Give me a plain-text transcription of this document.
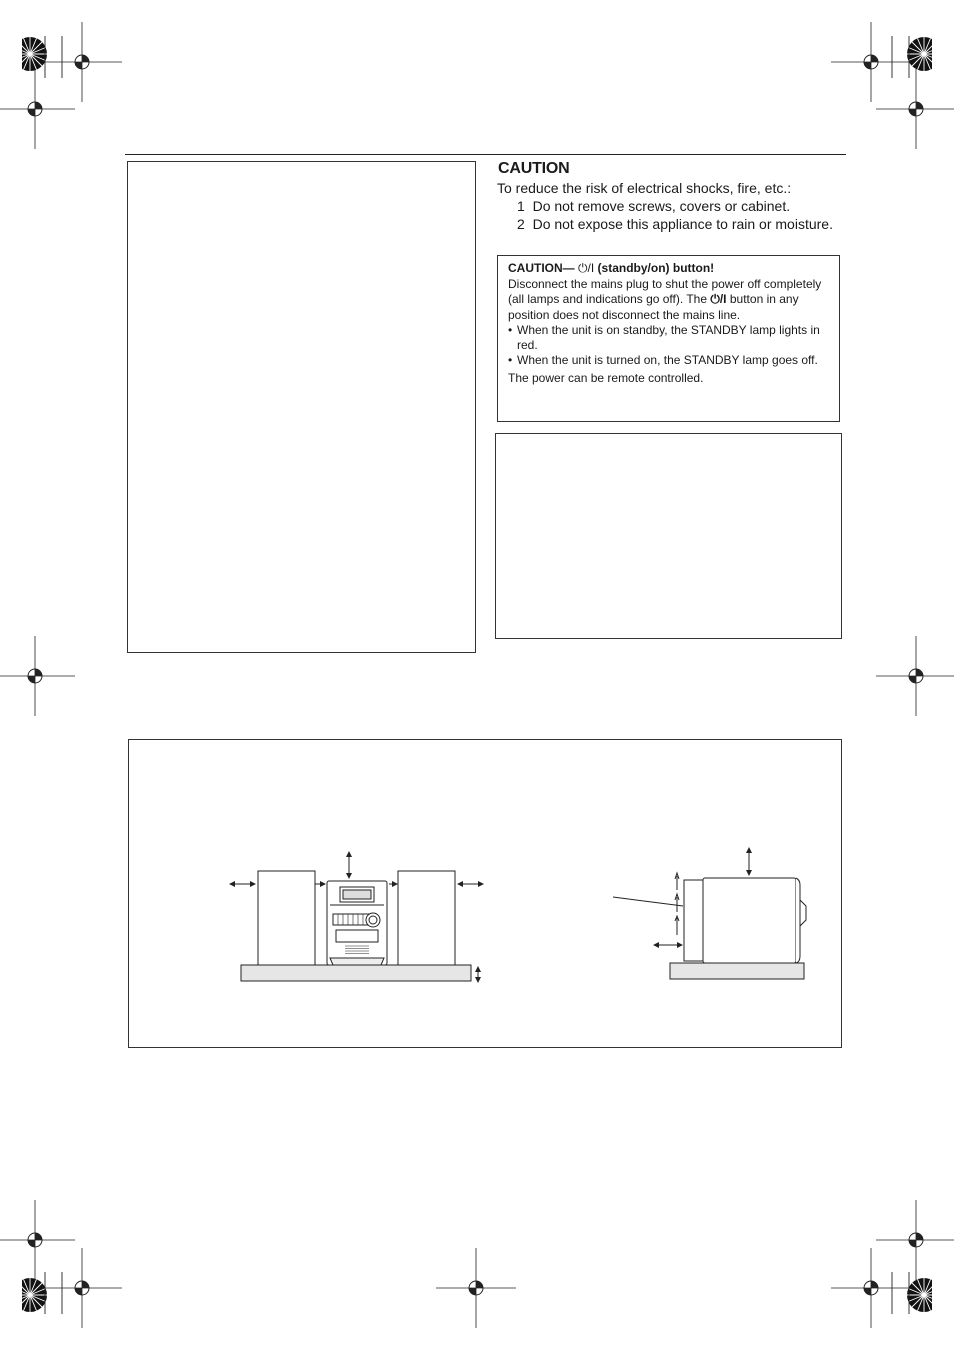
CAUTION
To reduce the risk of electrical shocks, fire, etc.:
1 Do not remove screws, covers or cabinet.
2 Do not expose this appliance to rain or moisture.
CAUTION— ⏻/I (standby/on) button!

Disconnect the mains plug to shut the power off completely (all lamps and indications go off). The ⏻/I button in any position does not disconnect the mains line.

• When the unit is on standby, the STANDBY lamp lights in red.
• When the unit is turned on, the STANDBY lamp goes off.

The power can be remote controlled.
